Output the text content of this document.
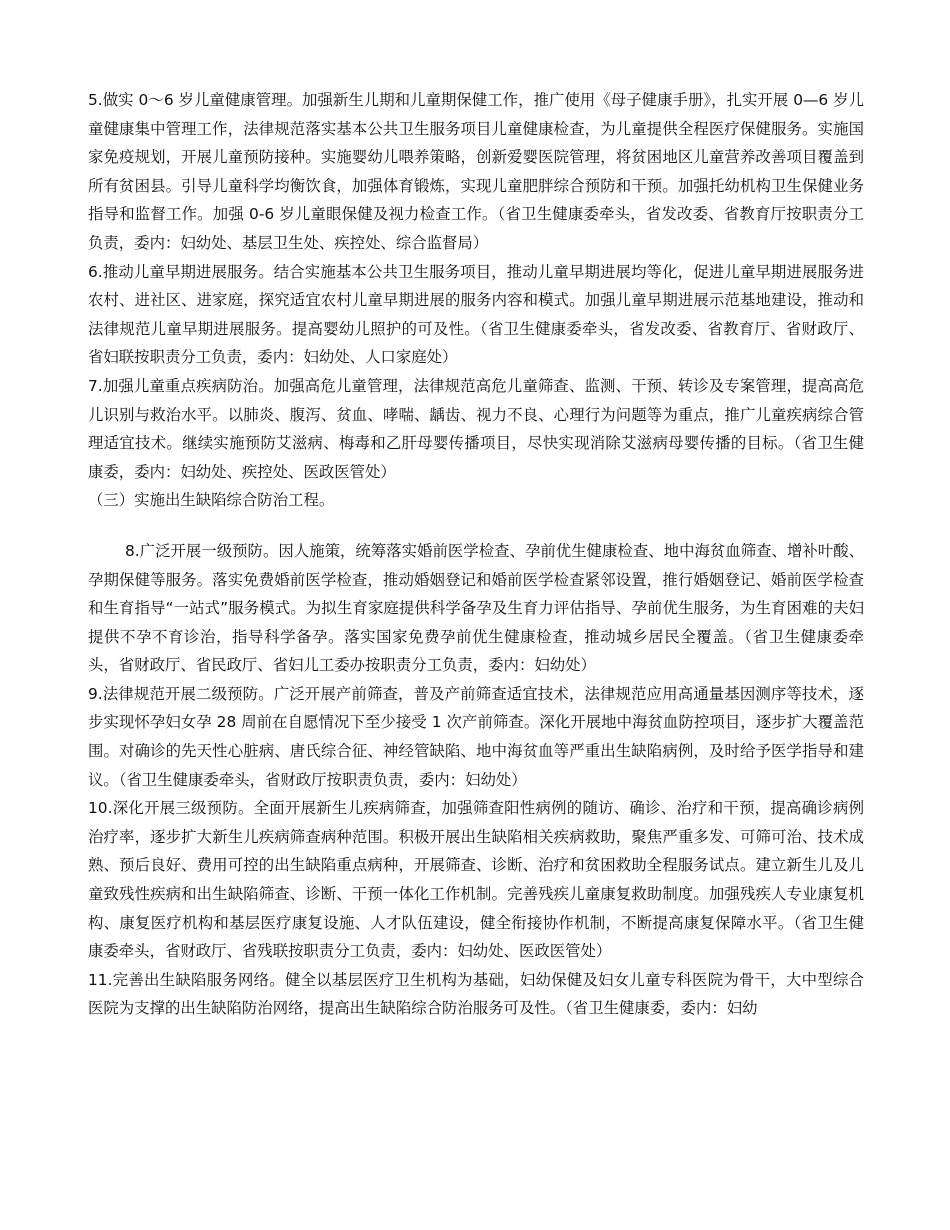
5.做实 0～6 岁儿童健康管理。加强新生儿期和儿童期保健工作，推广使用《母子健康手册》，扎实开展 0—6 岁儿童健康集中管理工作，法律规范落实基本公共卫生服务项目儿童健康检查，为儿童提供全程医疗保健服务。实施国家免疫规划，开展儿童预防接种。实施婴幼儿喂养策略，创新爱婴医院管理，将贫困地区儿童营养改善项目覆盖到所有贫困县。引导儿童科学均衡饮食，加强体育锻炼，实现儿童肥胖综合预防和干预。加强托幼机构卫生保健业务指导和监督工作。加强 0-6 岁儿童眼保健及视力检查工作。（省卫生健康委牵头，省发改委、省教育厅按职责分工负责，委内：妇幼处、基层卫生处、疾控处、综合监督局）

6.推动儿童早期进展服务。结合实施基本公共卫生服务项目，推动儿童早期进展均等化，促进儿童早期进展服务进农村、进社区、进家庭，探究适宜农村儿童早期进展的服务内容和模式。加强儿童早期进展示范基地建设，推动和法律规范儿童早期进展服务。提高婴幼儿照护的可及性。（省卫生健康委牵头，省发改委、省教育厅、省财政厅、省妇联按职责分工负责，委内：妇幼处、人口家庭处）

7.加强儿童重点疾病防治。加强高危儿童管理，法律规范高危儿童筛查、监测、干预、转诊及专案管理，提高高危儿识别与救治水平。以肺炎、腹泻、贫血、哮喘、龋齿、视力不良、心理行为问题等为重点，推广儿童疾病综合管理适宜技术。继续实施预防艾滋病、梅毒和乙肝母婴传播项目，尽快实现消除艾滋病母婴传播的目标。（省卫生健康委，委内：妇幼处、疾控处、医政医管处）

（三）实施出生缺陷综合防治工程。

8.广泛开展一级预防。因人施策，统筹落实婚前医学检查、孕前优生健康检查、地中海贫血筛查、增补叶酸、孕期保健等服务。落实免费婚前医学检查，推动婚姻登记和婚前医学检查紧邻设置，推行婚姻登记、婚前医学检查和生育指导“一站式”服务模式。为拟生育家庭提供科学备孕及生育力评估指导、孕前优生服务，为生育困难的夫妇提供不孕不育诊治，指导科学备孕。落实国家免费孕前优生健康检查，推动城乡居民全覆盖。（省卫生健康委牵头，省财政厅、省民政厅、省妇儿工委办按职责分工负责，委内：妇幼处）

9.法律规范开展二级预防。广泛开展产前筛查，普及产前筛查适宜技术，法律规范应用高通量基因测序等技术，逐步实现怀孕妇女孕 28 周前在自愿情况下至少接受 1 次产前筛查。深化开展地中海贫血防控项目，逐步扩大覆盖范围。对确诊的先天性心脏病、唐氏综合征、神经管缺陷、地中海贫血等严重出生缺陷病例，及时给予医学指导和建议。（省卫生健康委牵头，省财政厅按职责负责，委内：妇幼处）

10.深化开展三级预防。全面开展新生儿疾病筛查，加强筛查阳性病例的随访、确诊、治疗和干预，提高确诊病例治疗率，逐步扩大新生儿疾病筛查病种范围。积极开展出生缺陷相关疾病救助，聚焦严重多发、可筛可治、技术成熟、预后良好、费用可控的出生缺陷重点病种，开展筛查、诊断、治疗和贫困救助全程服务试点。建立新生儿及儿童致残性疾病和出生缺陷筛查、诊断、干预一体化工作机制。完善残疾儿童康复救助制度。加强残疾人专业康复机构、康复医疗机构和基层医疗康复设施、人才队伍建设，健全衔接协作机制，不断提高康复保障水平。（省卫生健康委牵头，省财政厅、省残联按职责分工负责，委内：妇幼处、医政医管处）

11.完善出生缺陷服务网络。健全以基层医疗卫生机构为基础，妇幼保健及妇女儿童专科医院为骨干，大中型综合医院为支撑的出生缺陷防治网络，提高出生缺陷综合防治服务可及性。（省卫生健康委，委内：妇幼
